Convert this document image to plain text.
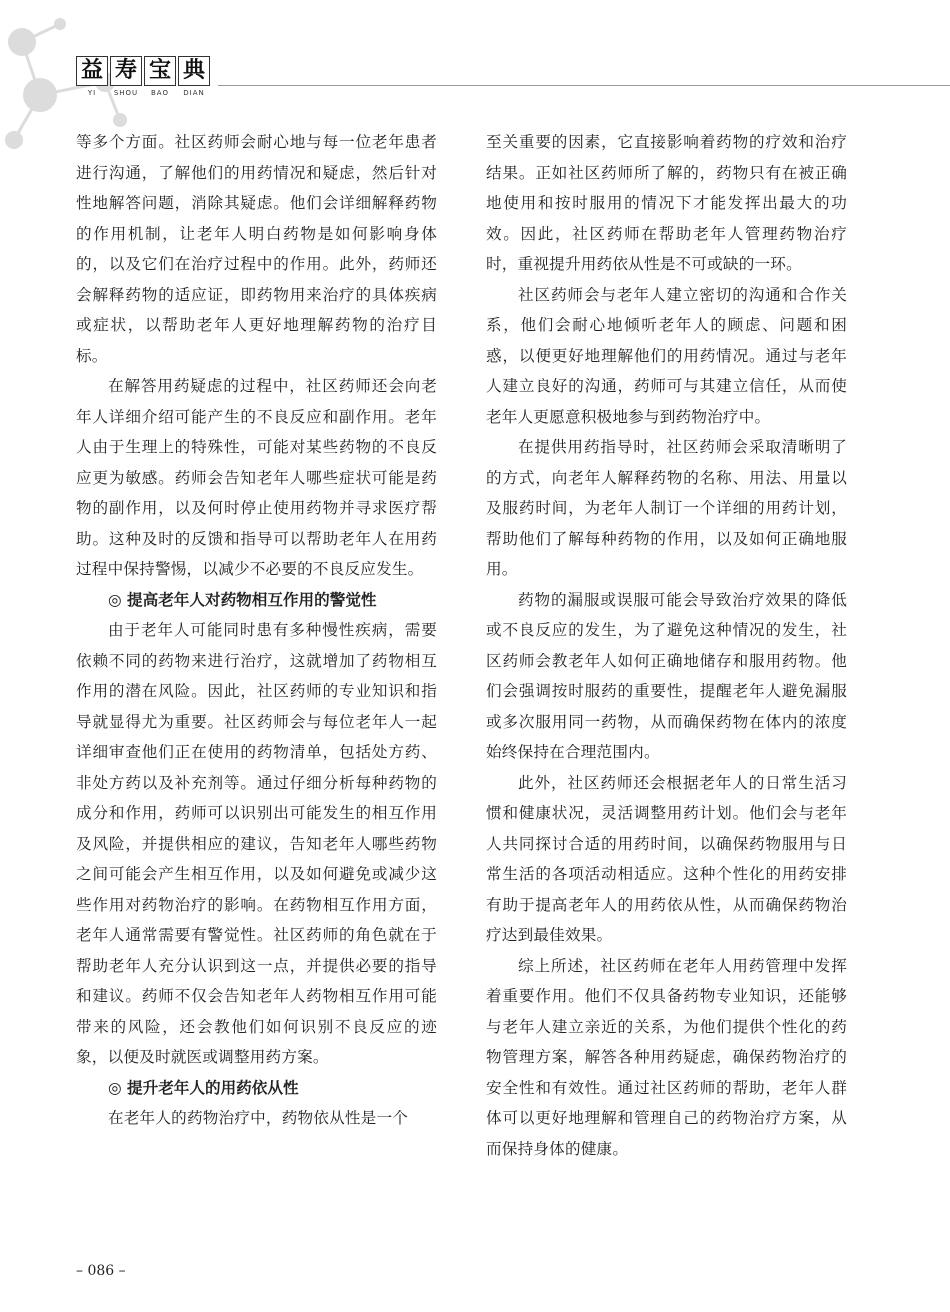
益 寿 宝 典
YI	SHOU	BAO	DIAN

等多个方面。社区药师会耐心地与每一位老年患者进行沟通，了解他们的用药情况和疑虑，然后针对性地解答问题，消除其疑虑。他们会详细解释药物的作用机制，让老年人明白药物是如何影响身体的，以及它们在治疗过程中的作用。此外，药师还会解释药物的适应证，即药物用来治疗的具体疾病或症状，以帮助老年人更好地理解药物的治疗目标。

在解答用药疑虑的过程中，社区药师还会向老年人详细介绍可能产生的不良反应和副作用。老年人由于生理上的特殊性，可能对某些药物的不良反应更为敏感。药师会告知老年人哪些症状可能是药物的副作用，以及何时停止使用药物并寻求医疗帮助。这种及时的反馈和指导可以帮助老年人在用药过程中保持警惕，以减少不必要的不良反应发生。

◎ 提高老年人对药物相互作用的警觉性

由于老年人可能同时患有多种慢性疾病，需要依赖不同的药物来进行治疗，这就增加了药物相互作用的潜在风险。因此，社区药师的专业知识和指导就显得尤为重要。社区药师会与每位老年人一起详细审查他们正在使用的药物清单，包括处方药、非处方药以及补充剂等。通过仔细分析每种药物的成分和作用，药师可以识别出可能发生的相互作用及风险，并提供相应的建议，告知老年人哪些药物之间可能会产生相互作用，以及如何避免或减少这些作用对药物治疗的影响。在药物相互作用方面，老年人通常需要有警觉性。社区药师的角色就在于帮助老年人充分认识到这一点，并提供必要的指导和建议。药师不仅会告知老年人药物相互作用可能带来的风险，还会教他们如何识别不良反应的迹象，以便及时就医或调整用药方案。

◎ 提升老年人的用药依从性

在老年人的药物治疗中，药物依从性是一个

至关重要的因素，它直接影响着药物的疗效和治疗结果。正如社区药师所了解的，药物只有在被正确地使用和按时服用的情况下才能发挥出最大的功效。因此，社区药师在帮助老年人管理药物治疗时，重视提升用药依从性是不可或缺的一环。

社区药师会与老年人建立密切的沟通和合作关系，他们会耐心地倾听老年人的顾虑、问题和困惑，以便更好地理解他们的用药情况。通过与老年人建立良好的沟通，药师可与其建立信任，从而使老年人更愿意积极地参与到药物治疗中。

在提供用药指导时，社区药师会采取清晰明了的方式，向老年人解释药物的名称、用法、用量以及服药时间，为老年人制订一个详细的用药计划，帮助他们了解每种药物的作用，以及如何正确地服用。

药物的漏服或误服可能会导致治疗效果的降低或不良反应的发生，为了避免这种情况的发生，社区药师会教老年人如何正确地储存和服用药物。他们会强调按时服药的重要性，提醒老年人避免漏服或多次服用同一药物，从而确保药物在体内的浓度始终保持在合理范围内。

此外，社区药师还会根据老年人的日常生活习惯和健康状况，灵活调整用药计划。他们会与老年人共同探讨合适的用药时间，以确保药物服用与日常生活的各项活动相适应。这种个性化的用药安排有助于提高老年人的用药依从性，从而确保药物治疗达到最佳效果。

综上所述，社区药师在老年人用药管理中发挥着重要作用。他们不仅具备药物专业知识，还能够与老年人建立亲近的关系，为他们提供个性化的药物管理方案，解答各种用药疑虑，确保药物治疗的安全性和有效性。通过社区药师的帮助，老年人群体可以更好地理解和管理自己的药物治疗方案，从而保持身体的健康。

– 086 –
